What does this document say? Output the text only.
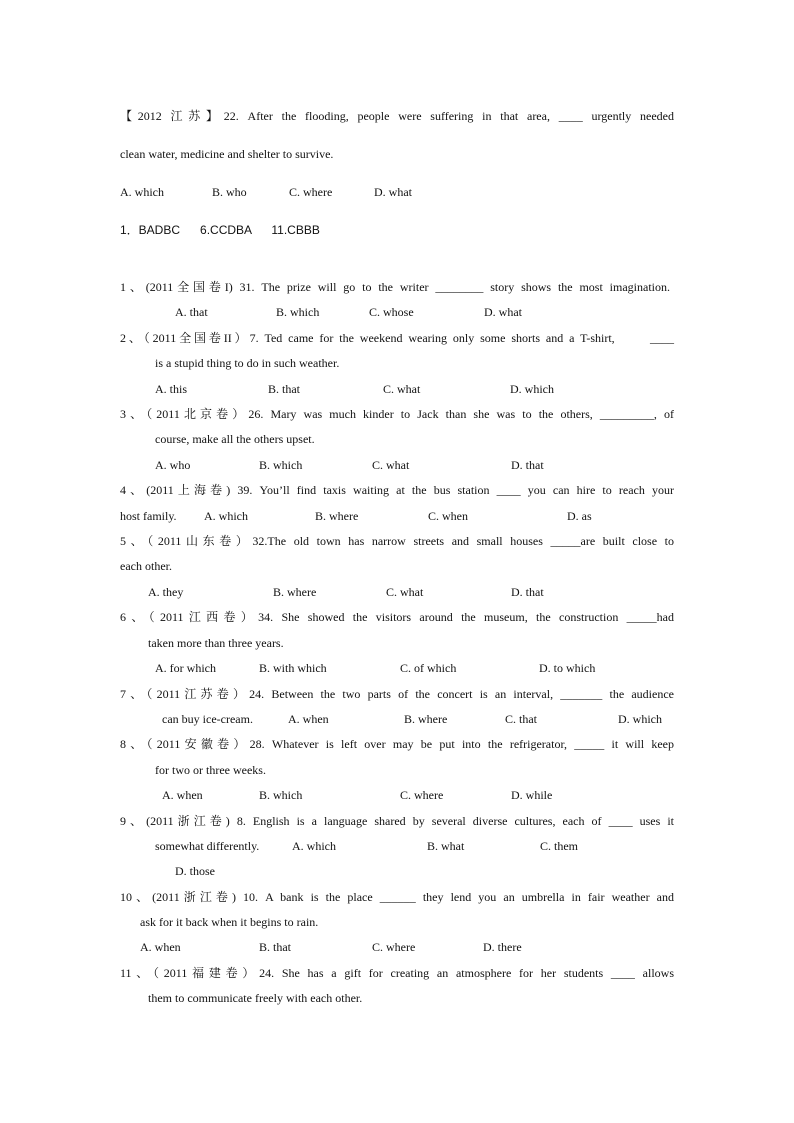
【2012 江苏】22. After the flooding, people were suffering in that area, ____ urgently needed
clean water, medicine and shelter to survive.
A. which	B. who	C. where	D. what
1．BADBC      6.CCDBA      11.CBBB
1、(2011全国卷I) 31. The prize will go to the writer ________ story shows the most imagination.
A. that	B. which	C. whose	D. what
2、（2011全国卷II）7. Ted came for the weekend wearing only some shorts and a T-shirt,      ____
is a stupid thing to do in such weather.
A. this	B. that	C. what	D. which
3、（2011北京卷）26. Mary was much kinder to Jack than she was to the others, _________, of
course, make all the others upset.
A. who	B. which	C. what	D. that
4、(2011上海卷) 39. You’ll find taxis waiting at the bus station ____ you can hire to reach your
host family. A. which	B. where	C. when	D. as
5、（2011山东卷）32.The old town has narrow streets and small houses _____are built close to
each other.
A. they	B. where	C. what	D. that
6、（2011江西卷）34. She showed the visitors around the museum, the construction _____had
taken more than three years.
A. for which	B. with which	C. of which	D. to which
7、（2011江苏卷）24. Between the two parts of the concert is an interval, _______ the audience
can buy ice-cream.	A. when	B. where	C. that	D. which
8、（2011安徽卷）28. Whatever is left over may be put into the refrigerator, _____ it will keep
for two or three weeks.
A. when	B. which	C. where	D. while
9、(2011浙江卷) 8. English is a language shared by several diverse cultures, each of ____ uses it
somewhat differently.	A. which	B. what	C. them
D. those
10、(2011浙江卷) 10. A bank is the place ______ they lend you an umbrella in fair weather and
ask for it back when it begins to rain.
A. when	B. that	C. where	D. there
11、（2011福建卷）24. She has a gift for creating an atmosphere for her students ____ allows
them to communicate freely with each other.
